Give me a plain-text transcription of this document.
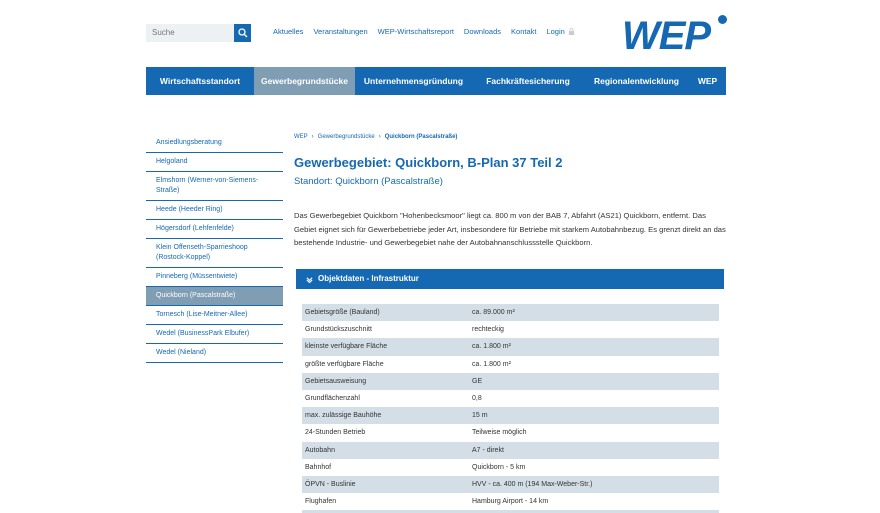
Suche
Aktuelles Veranstaltungen WEP-Wirtschaftsreport Downloads Kontakt Login WEP
Wirtschaftsstandort	Gewerbegrundstücke	Unternehmensgründung	Fachkräftesicherung	Regionalentwicklung	WEP
Ansiedlungsberatung
Helgoland
Elmshorn (Werner-von-Siemens-Straße)
Heede (Heeder Ring)
Högersdorf (Lehfenfelde)
Klein Offenseth-Sparrieshoop (Rostock-Koppel)
Pinneberg (Müssentwiete)
Quickborn (Pascalstraße)
Tornesch (Lise-Meitner-Allee)
Wedel (BusinessPark Elbufer)
Wedel (Nieland)
WEP › Gewerbegrundstücke › Quickborn (Pascalstraße)
Gewerbegebiet: Quickborn, B-Plan 37 Teil 2
Standort: Quickborn (Pascalstraße)

Das Gewerbegebiet Quickborn "Hohenbecksmoor" liegt ca. 800 m von der BAB 7, Abfahrt (AS21) Quickborn, entfernt. Das Gebiet eignet sich für Gewerbebetriebe jeder Art, insbesondere für Betriebe mit starkem Autobahnbezug. Es grenzt direkt an das bestehende Industrie- und Gewerbegebiet nahe der Autobahnanschlussstelle Quickborn.

Objektdaten - Infrastruktur
Gebietsgröße (Bauland)	ca. 89.000 m²
Grundstückszuschnitt	rechteckig
kleinste verfügbare Fläche	ca. 1.800 m²
größte verfügbare Fläche	ca. 1.800 m²
Gebietsausweisung	GE
Grundflächenzahl	0,8
max. zulässige Bauhöhe	15 m
24-Stunden Betrieb	Teilweise möglich
Autobahn	A7 - direkt
Bahnhof	Quickborn - 5 km
ÖPVN - Buslinie	HVV - ca. 400 m (194 Max-Weber-Str.)
Flughafen	Hamburg Airport - 14 km
